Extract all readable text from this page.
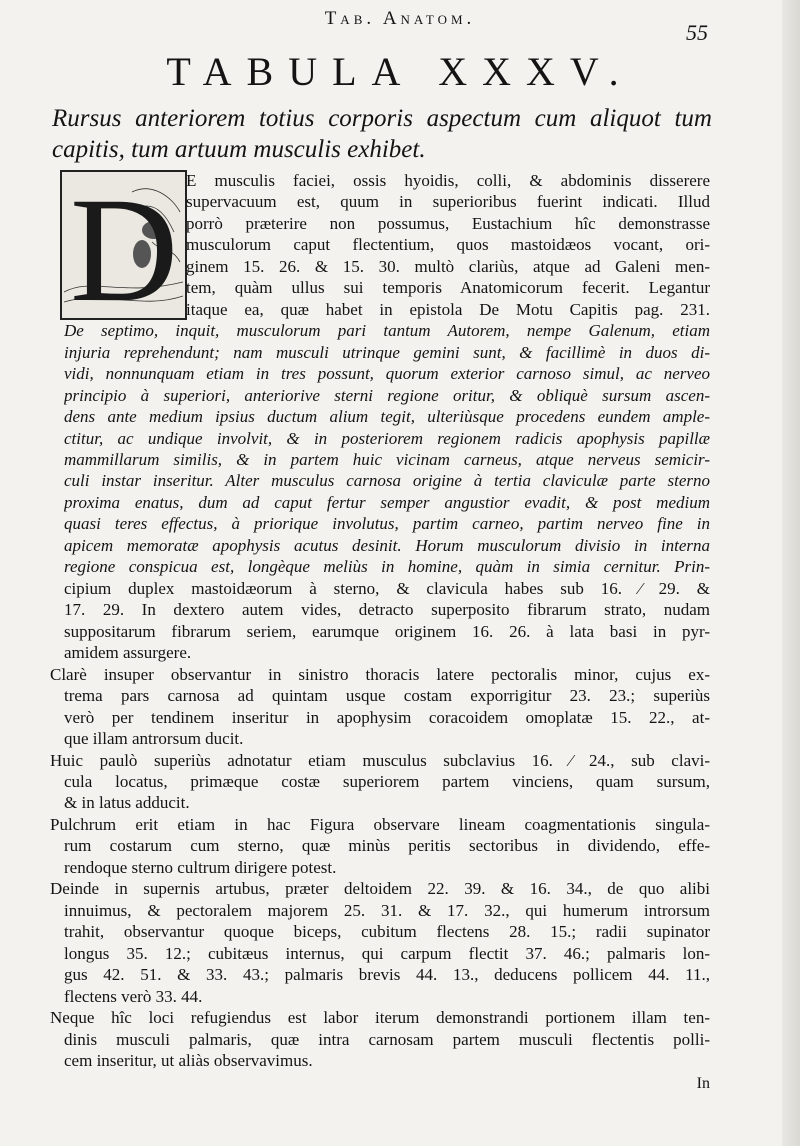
Tab. Anatom.
55
TABULA XXXV.
Rursus anteriorem totius corporis aspectum cum aliquot tum capitis, tum artuum musculis exhibet.
D E musculis faciei, ossis hyoidis, colli, & abdominis disserere
supervacuum est, quum in superioribus fuerint indicati. Illud
porrò præterire non possumus, Eustachium hîc demonstrasse
musculorum caput flectentium, quos mastoidæos vocant, ori-
ginem 15. 26. & 15. 30. multò clariùs, atque ad Galeni men-
tem, quàm ullus sui temporis Anatomicorum fecerit. Legantur
itaque ea, quæ habet in epistola De Motu Capitis pag. 231.
De septimo, inquit, musculorum pari tantum Autorem, nempe Galenum, etiam
injuria reprehendunt; nam musculi utrinque gemini sunt, & facillimè in duos di-
vidi, nonnunquam etiam in tres possunt, quorum exterior carnoso simul, ac nerveo
principio à superiori, anteriorive sterni regione oritur, & obliquè sursum ascen-
dens ante medium ipsius ductum alium tegit, ulteriùsque procedens eundem ample-
ctitur, ac undique involvit, & in posteriorem regionem radicis apophysis papillæ
mammillarum similis, & in partem huic vicinam carneus, atque nerveus semicir-
culi instar inseritur. Alter musculus carnosa origine à tertia claviculæ parte sterno
proxima enatus, dum ad caput fertur semper angustior evadit, & post medium
quasi teres effectus, à priorique involutus, partim carneo, partim nerveo fine in
apicem memoratæ apophysis acutus desinit. Horum musculorum divisio in interna
regione conspicua est, longèque meliùs in homine, quàm in simia cernitur. Prin-
cipium duplex mastoidæorum à sterno, & clavicula habes sub 16. ⁄ 29. &
17. 29. In dextero autem vides, detracto superposito fibrarum strato, nudam
suppositarum fibrarum seriem, earumque originem 16. 26. à lata basi in pyr-
amidem assurgere.
Clarè insuper observantur in sinistro thoracis latere pectoralis minor, cujus ex-
trema pars carnosa ad quintam usque costam exporrigitur 23. 23.; superiùs
verò per tendinem inseritur in apophysim coracoidem omoplatæ 15. 22., at-
que illam antrorsum ducit.
Huic paulò superiùs adnotatur etiam musculus subclavius 16. ⁄ 24., sub clavi-
cula locatus, primæque costæ superiorem partem vinciens, quam sursum,
& in latus adducit.
Pulchrum erit etiam in hac Figura observare lineam coagmentationis singula-
rum costarum cum sterno, quæ minùs peritis sectoribus in dividendo, effe-
rendoque sterno cultrum dirigere potest.
Deinde in supernis artubus, præter deltoidem 22. 39. & 16. 34., de quo alibi
innuimus, & pectoralem majorem 25. 31. & 17. 32., qui humerum introrsum
trahit, observantur quoque biceps, cubitum flectens 28. 15.; radii supinator
longus 35. 12.; cubitæus internus, qui carpum flectit 37. 46.; palmaris lon-
gus 42. 51. & 33. 43.; palmaris brevis 44. 13., deducens pollicem 44. 11.,
flectens verò 33. 44.
Neque hîc loci refugiendus est labor iterum demonstrandi portionem illam ten-
dinis musculi palmaris, quæ intra carnosam partem musculi flectentis polli-
cem inseritur, ut aliàs observavimus.
In
